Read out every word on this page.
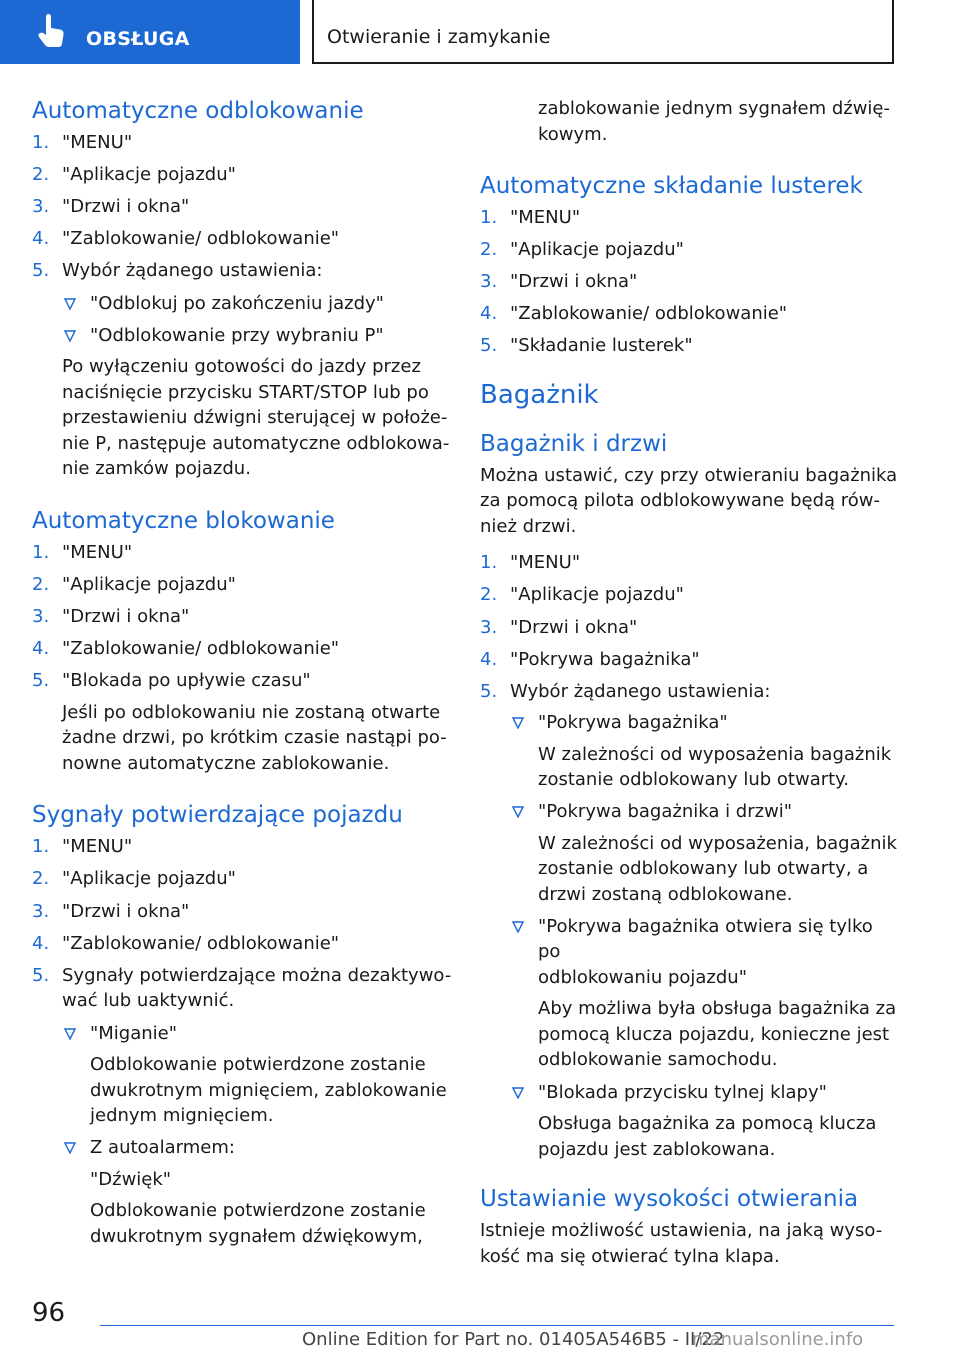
OBSŁUGA	Otwieranie i zamykanie
Automatyczne odblokowanie
1. "MENU"
2. "Aplikacje pojazdu"
3. "Drzwi i okna"
4. "Zablokowanie/ odblokowanie"
5. Wybór żądanego ustawienia:
"Odblokuj po zakończeniu jazdy"
"Odblokowanie przy wybraniu P"

Po wyłączeniu gotowości do jazdy przez

naciśnięcie przycisku START/STOP lub po

przestawieniu dźwigni sterującej w położe-

nie P, następuje automatyczne odblokowa-

nie zamków pojazdu.

Automatyczne blokowanie
1. "MENU"
2. "Aplikacje pojazdu"
3. "Drzwi i okna"
4. "Zablokowanie/ odblokowanie"
5. "Blokada po upływie czasu"

Jeśli po odblokowaniu nie zostaną otwarte

żadne drzwi, po krótkim czasie nastąpi po-

nowne automatyczne zablokowanie.

Sygnały potwierdzające pojazdu
1. "MENU"
2. "Aplikacje pojazdu"
3. "Drzwi i okna"
4. "Zablokowanie/ odblokowanie"
5. Sygnały potwierdzające można dezaktywo-
wać lub uaktywnić.
"Miganie"

Odblokowanie potwierdzone zostanie

dwukrotnym mignięciem, zablokowanie

jednym mignięciem.

Z autoalarmem:

"Dźwięk"

Odblokowanie potwierdzone zostanie

dwukrotnym sygnałem dźwiękowym,

zablokowanie jednym sygnałem dźwię-

kowym.

Automatyczne składanie lusterek
1. "MENU"
2. "Aplikacje pojazdu"
3. "Drzwi i okna"
4. "Zablokowanie/ odblokowanie"
5. "Składanie lusterek"
Bagażnik
Bagażnik i drzwi

Można ustawić, czy przy otwieraniu bagażnika

za pomocą pilota odblokowywane będą rów-

nież drzwi.

1. "MENU"
2. "Aplikacje pojazdu"
3. "Drzwi i okna"
4. "Pokrywa bagażnika"
5. Wybór żądanego ustawienia:
"Pokrywa bagażnika"

W zależności od wyposażenia bagażnik

zostanie odblokowany lub otwarty.

"Pokrywa bagażnika i drzwi"

W zależności od wyposażenia, bagażnik

zostanie odblokowany lub otwarty, a

drzwi zostaną odblokowane.

"Pokrywa bagażnika otwiera się tylko po
odblokowaniu pojazdu"

Aby możliwa była obsługa bagażnika za

pomocą klucza pojazdu, konieczne jest

odblokowanie samochodu.

"Blokada przycisku tylnej klapy"

Obsługa bagażnika za pomocą klucza

pojazdu jest zablokowana.

Ustawianie wysokości otwierania

Istnieje możliwość ustawienia, na jaką wyso-

kość ma się otwierać tylna klapa.

96
Online Edition for Part no. 01405A546B5 - II/22
manualsonline.info
